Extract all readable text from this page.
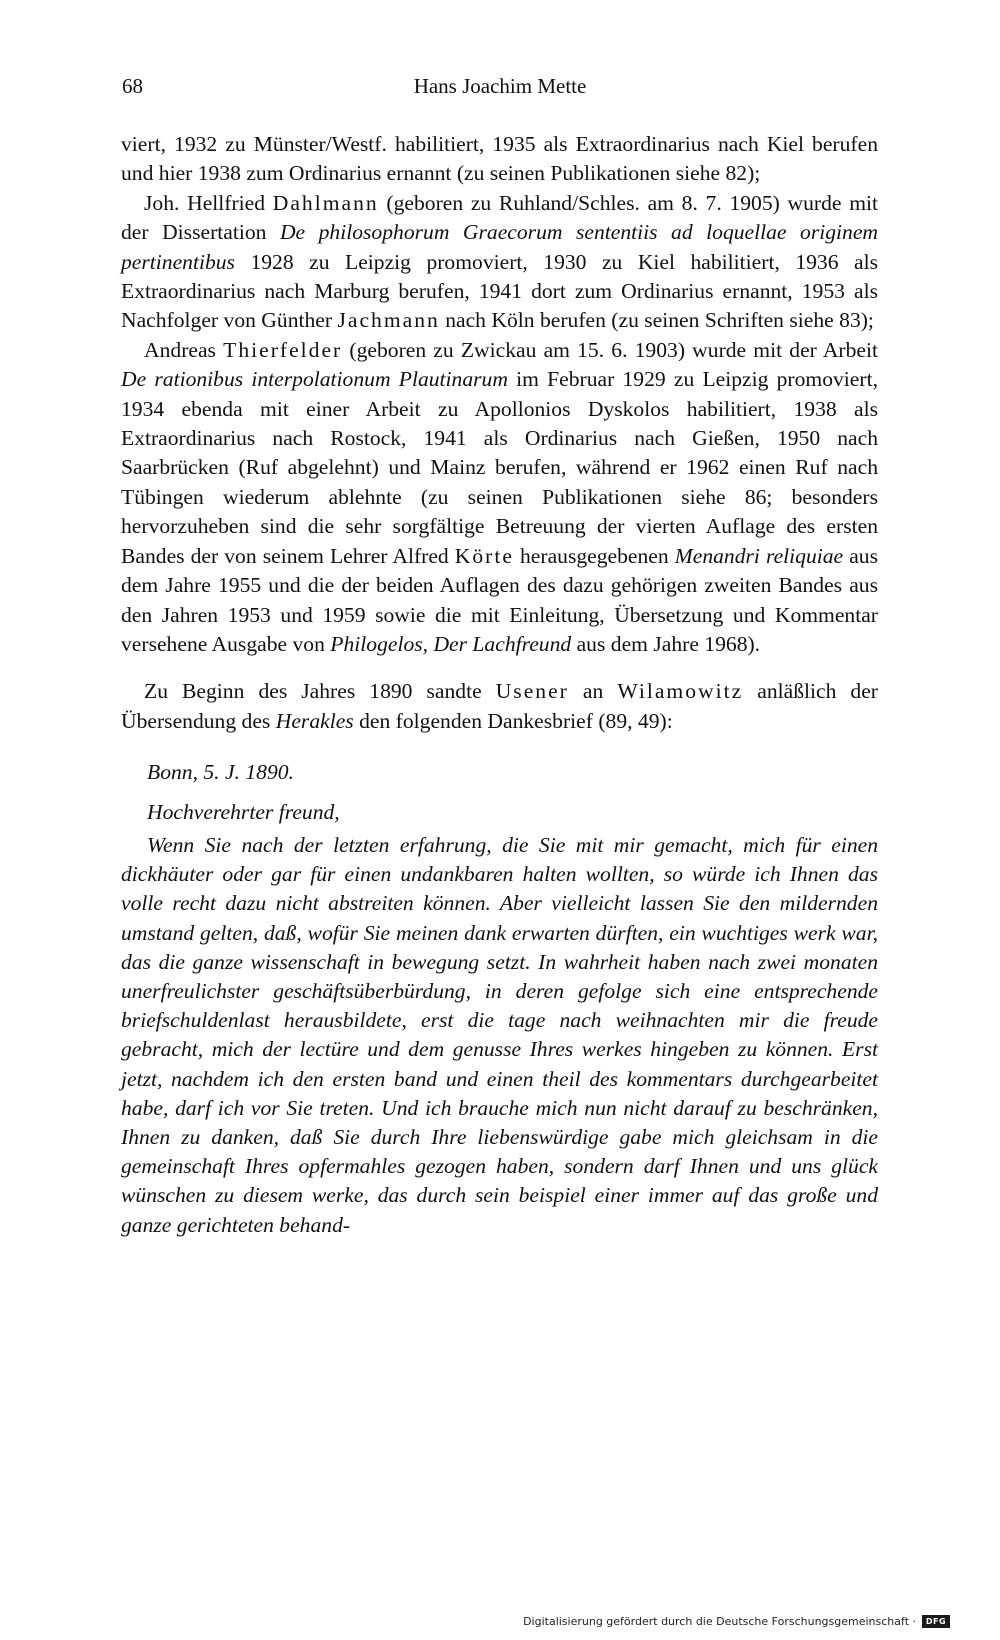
68	Hans Joachim Mette

viert, 1932 zu Münster/Westf. habilitiert, 1935 als Extraordinarius nach Kiel berufen und hier 1938 zum Ordinarius ernannt (zu seinen Publikationen siehe 82);

Joh. Hellfried Dahlmann (geboren zu Ruhland/Schles. am 8. 7. 1905) wurde mit der Dissertation De philosophorum Graecorum sententiis ad loquellae originem pertinentibus 1928 zu Leipzig promoviert, 1930 zu Kiel habilitiert, 1936 als Extraordinarius nach Marburg berufen, 1941 dort zum Ordinarius ernannt, 1953 als Nachfolger von Günther Jachmann nach Köln berufen (zu seinen Schriften siehe 83);

Andreas Thierfelder (geboren zu Zwickau am 15. 6. 1903) wurde mit der Arbeit De rationibus interpolationum Plautinarum im Februar 1929 zu Leipzig promoviert, 1934 ebenda mit einer Arbeit zu Apollonios Dyskolos habilitiert, 1938 als Extraordinarius nach Rostock, 1941 als Ordinarius nach Gießen, 1950 nach Saarbrücken (Ruf abgelehnt) und Mainz berufen, während er 1962 einen Ruf nach Tübingen wiederum ablehnte (zu seinen Publikationen siehe 86; besonders hervorzuheben sind die sehr sorgfältige Betreuung der vierten Auflage des ersten Bandes der von seinem Lehrer Alfred Körte herausgegebenen Menandri reliquiae aus dem Jahre 1955 und die der beiden Auflagen des dazu gehörigen zweiten Bandes aus den Jahren 1953 und 1959 sowie die mit Einleitung, Übersetzung und Kommentar versehene Ausgabe von Philogelos, Der Lachfreund aus dem Jahre 1968).

Zu Beginn des Jahres 1890 sandte Usener an Wilamowitz anläßlich der Übersendung des Herakles den folgenden Dankesbrief (89, 49):

Bonn, 5. J. 1890.

Hochverehrter freund,

Wenn Sie nach der letzten erfahrung, die Sie mit mir gemacht, mich für einen dickhäuter oder gar für einen undankbaren halten wollten, so würde ich Ihnen das volle recht dazu nicht abstreiten können. Aber vielleicht lassen Sie den mildernden umstand gelten, daß, wofür Sie meinen dank erwarten dürften, ein wuchtiges werk war, das die ganze wissenschaft in bewegung setzt. In wahrheit haben nach zwei monaten unerfreulichster geschäftsüberbürdung, in deren gefolge sich eine entsprechende briefschuldenlast herausbildete, erst die tage nach weihnachten mir die freude gebracht, mich der lectüre und dem genusse Ihres werkes hingeben zu können. Erst jetzt, nachdem ich den ersten band und einen theil des kommentars durchgearbeitet habe, darf ich vor Sie treten. Und ich brauche mich nun nicht darauf zu beschränken, Ihnen zu danken, daß Sie durch Ihre liebenswürdige gabe mich gleichsam in die gemeinschaft Ihres opfermahles gezogen haben, sondern darf Ihnen und uns glück wünschen zu diesem werke, das durch sein beispiel einer immer auf das große und ganze gerichteten behand-

Digitalisierung gefördert durch die Deutsche Forschungsgemeinschaft ·	DFG
